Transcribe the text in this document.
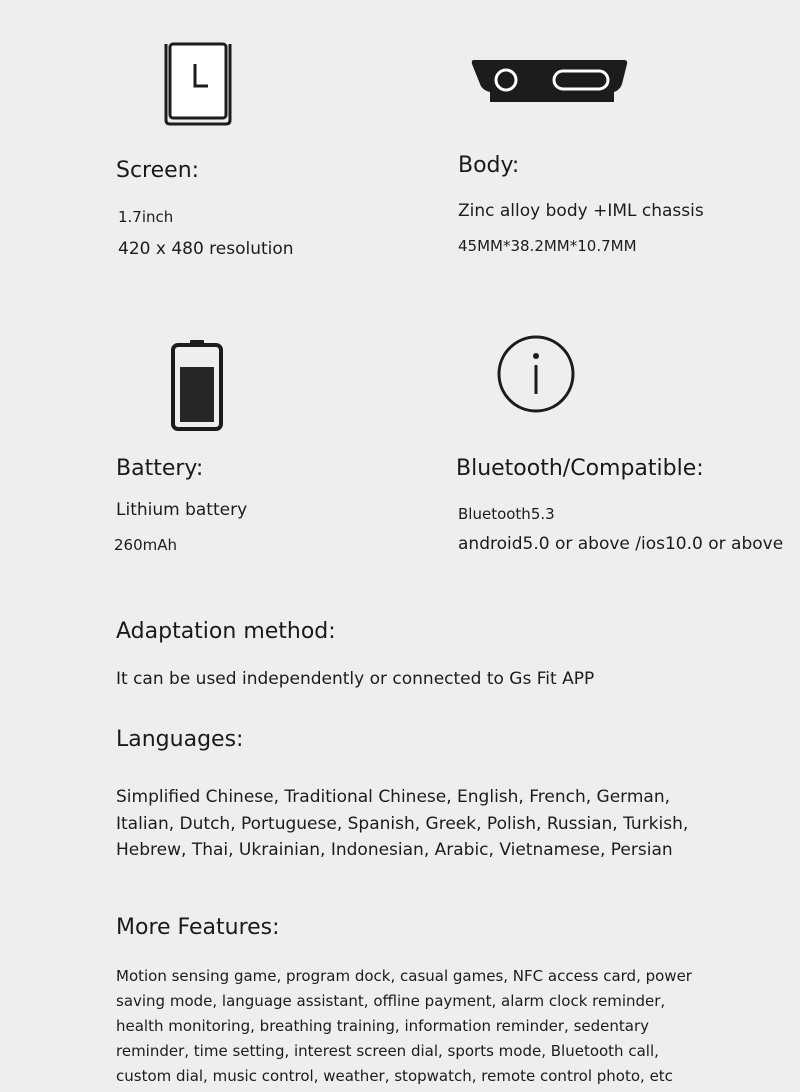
Screen:
1.7inch
420 x 480 resolution
Body:
Zinc alloy body +IML chassis
45MM*38.2MM*10.7MM
Battery:
Lithium battery
260mAh
Bluetooth/Compatible:
Bluetooth5.3
android5.0 or above /ios10.0 or above
Adaptation method:
It can be used independently or connected to Gs Fit APP
Languages:
Simplified Chinese, Traditional Chinese, English, French, German,
Italian, Dutch, Portuguese, Spanish, Greek, Polish, Russian, Turkish,
Hebrew, Thai, Ukrainian, Indonesian, Arabic, Vietnamese, Persian
More Features:
Motion sensing game, program dock, casual games, NFC access card, power
saving mode, language assistant, offline payment, alarm clock reminder,
health monitoring, breathing training, information reminder, sedentary
reminder, time setting, interest screen dial, sports mode, Bluetooth call,
custom dial, music control, weather, stopwatch, remote control photo, etc
